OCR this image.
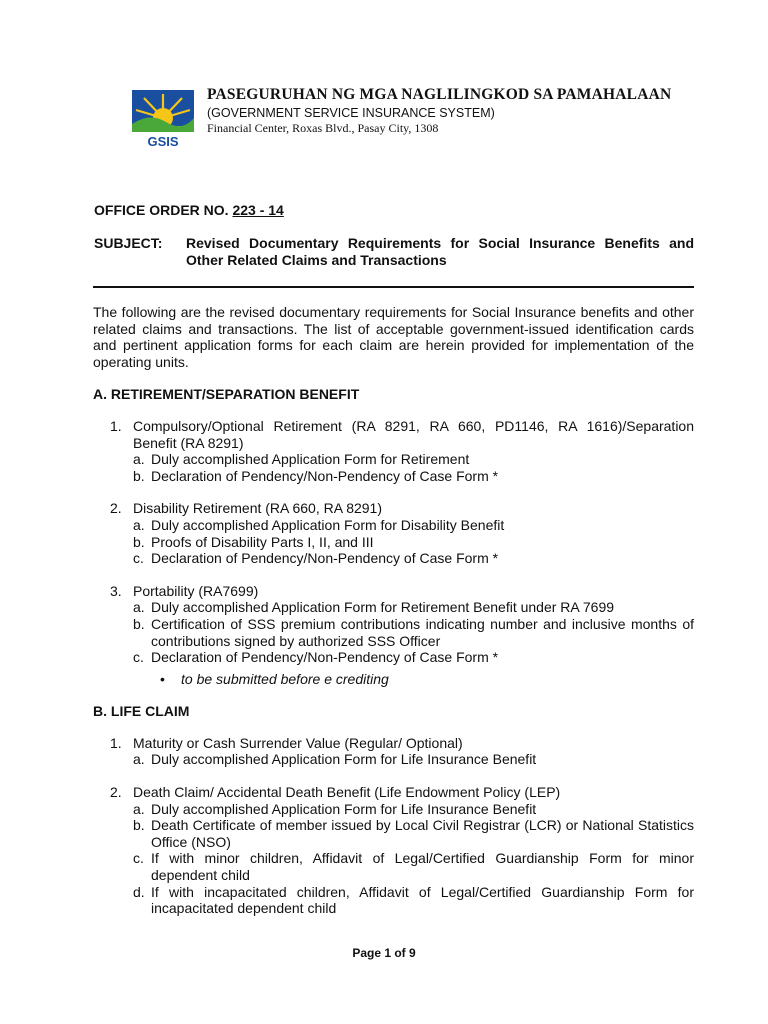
GSIS
PASEGURUHAN NG MGA NAGLILINGKOD SA PAMAHALAAN
(GOVERNMENT SERVICE INSURANCE SYSTEM)
Financial Center, Roxas Blvd., Pasay City, 1308
OFFICE ORDER NO. 223 - 14
SUBJECT: Revised Documentary Requirements for Social Insurance Benefits and Other Related Claims and Transactions

The following are the revised documentary requirements for Social Insurance benefits and other related claims and transactions. The list of acceptable government-issued identification cards and pertinent application forms for each claim are herein provided for implementation of the operating units.

A. RETIREMENT/SEPARATION BENEFIT
1. Compulsory/Optional Retirement (RA 8291, RA 660, PD1146, RA 1616)/Separation Benefit (RA 8291)
a. Duly accomplished Application Form for Retirement
b. Declaration of Pendency/Non-Pendency of Case Form *
2. Disability Retirement (RA 660, RA 8291)
a. Duly accomplished Application Form for Disability Benefit
b. Proofs of Disability Parts I, II, and III
c. Declaration of Pendency/Non-Pendency of Case Form *
3. Portability (RA7699)
a. Duly accomplished Application Form for Retirement Benefit under RA 7699
b. Certification of SSS premium contributions indicating number and inclusive months of contributions signed by authorized SSS Officer
c. Declaration of Pendency/Non-Pendency of Case Form *
• to be submitted before e crediting
B. LIFE CLAIM
1. Maturity or Cash Surrender Value (Regular/ Optional)
a. Duly accomplished Application Form for Life Insurance Benefit
2. Death Claim/ Accidental Death Benefit (Life Endowment Policy (LEP)
a. Duly accomplished Application Form for Life Insurance Benefit
b. Death Certificate of member issued by Local Civil Registrar (LCR) or National Statistics Office (NSO)
c. If with minor children, Affidavit of Legal/Certified Guardianship Form for minor dependent child
d. If with incapacitated children, Affidavit of Legal/Certified Guardianship Form for incapacitated dependent child
Page 1 of 9
